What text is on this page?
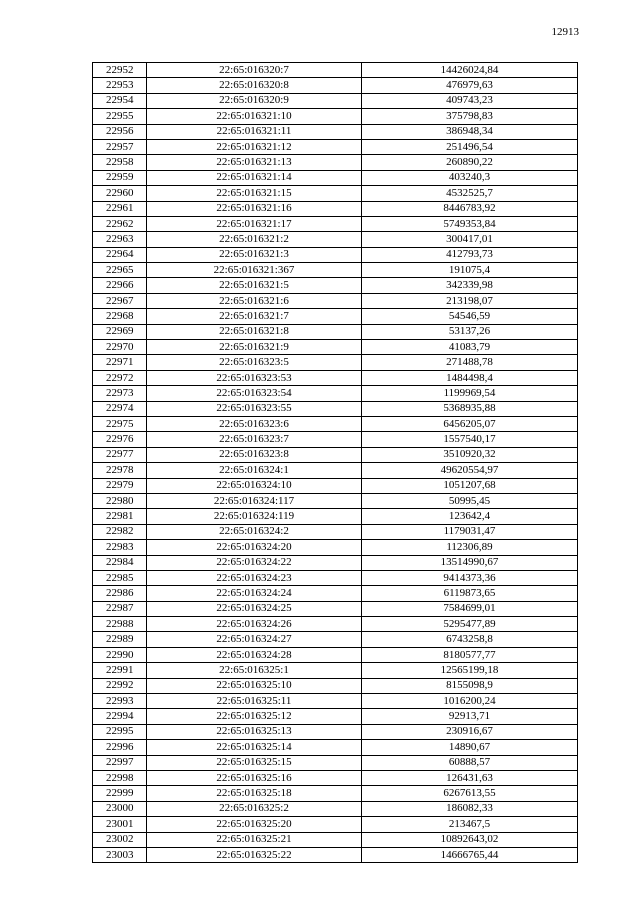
12913
22952	22:65:016320:7	14426024,84
22953	22:65:016320:8	476979,63
22954	22:65:016320:9	409743,23
22955	22:65:016321:10	375798,83
22956	22:65:016321:11	386948,34
22957	22:65:016321:12	251496,54
22958	22:65:016321:13	260890,22
22959	22:65:016321:14	403240,3
22960	22:65:016321:15	4532525,7
22961	22:65:016321:16	8446783,92
22962	22:65:016321:17	5749353,84
22963	22:65:016321:2	300417,01
22964	22:65:016321:3	412793,73
22965	22:65:016321:367	191075,4
22966	22:65:016321:5	342339,98
22967	22:65:016321:6	213198,07
22968	22:65:016321:7	54546,59
22969	22:65:016321:8	53137,26
22970	22:65:016321:9	41083,79
22971	22:65:016323:5	271488,78
22972	22:65:016323:53	1484498,4
22973	22:65:016323:54	1199969,54
22974	22:65:016323:55	5368935,88
22975	22:65:016323:6	6456205,07
22976	22:65:016323:7	1557540,17
22977	22:65:016323:8	3510920,32
22978	22:65:016324:1	49620554,97
22979	22:65:016324:10	1051207,68
22980	22:65:016324:117	50995,45
22981	22:65:016324:119	123642,4
22982	22:65:016324:2	1179031,47
22983	22:65:016324:20	112306,89
22984	22:65:016324:22	13514990,67
22985	22:65:016324:23	9414373,36
22986	22:65:016324:24	6119873,65
22987	22:65:016324:25	7584699,01
22988	22:65:016324:26	5295477,89
22989	22:65:016324:27	6743258,8
22990	22:65:016324:28	8180577,77
22991	22:65:016325:1	12565199,18
22992	22:65:016325:10	8155098,9
22993	22:65:016325:11	1016200,24
22994	22:65:016325:12	92913,71
22995	22:65:016325:13	230916,67
22996	22:65:016325:14	14890,67
22997	22:65:016325:15	60888,57
22998	22:65:016325:16	126431,63
22999	22:65:016325:18	6267613,55
23000	22:65:016325:2	186082,33
23001	22:65:016325:20	213467,5
23002	22:65:016325:21	10892643,02
23003	22:65:016325:22	14666765,44
